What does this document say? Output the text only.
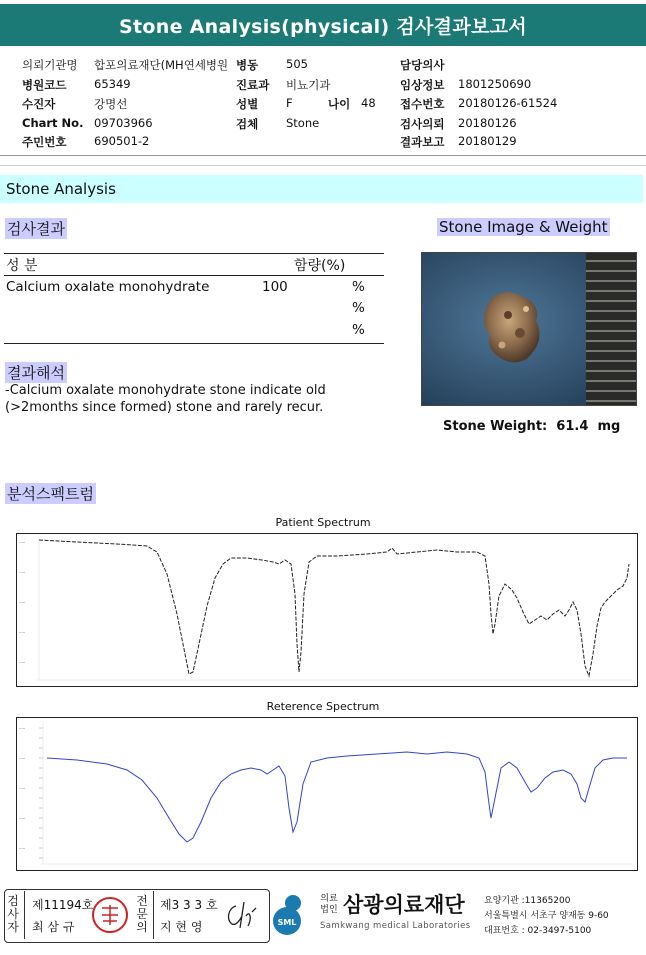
Stone Analysis(physical) 검사결과보고서
의뢰기관명 합포의료재단(MH연세병원 병동 505	담당의사
병원코드 65349	진료과 비뇨기과	임상정보 1801250690
수진자	강명선	성별 F	나이 48 접수번호 20180126-61524
Chart No. 09703966	검체 Stone	검사의뢰 20180126
주민번호 690501-2	결과보고 20180129
Stone Analysis
검사결과	Stone Image & Weight
성 분	함량(%)
Calcium oxalate monohydrate	100	%
%
%
결과해석
-Calcium oxalate monohydrate stone indicate old
(>2months since formed) stone and rarely recur.
Stone Weight: 61.4 mg
분석스펙트럼
Patient Spectrum
·····
·····
·····
·····
·····
Reterence Spectrum
·····
·····
·····
·····
·····
검
사
자
제11194호
최 삼 규
전
문
의
제3 3 3 호
지 현 영	SML
의료법인 삼광의료재단
Samkwang medical Laboratories
요양기관 :11365200
서울특별시 서초구 양재동 9-60
대표번호 : 02-3497-5100
